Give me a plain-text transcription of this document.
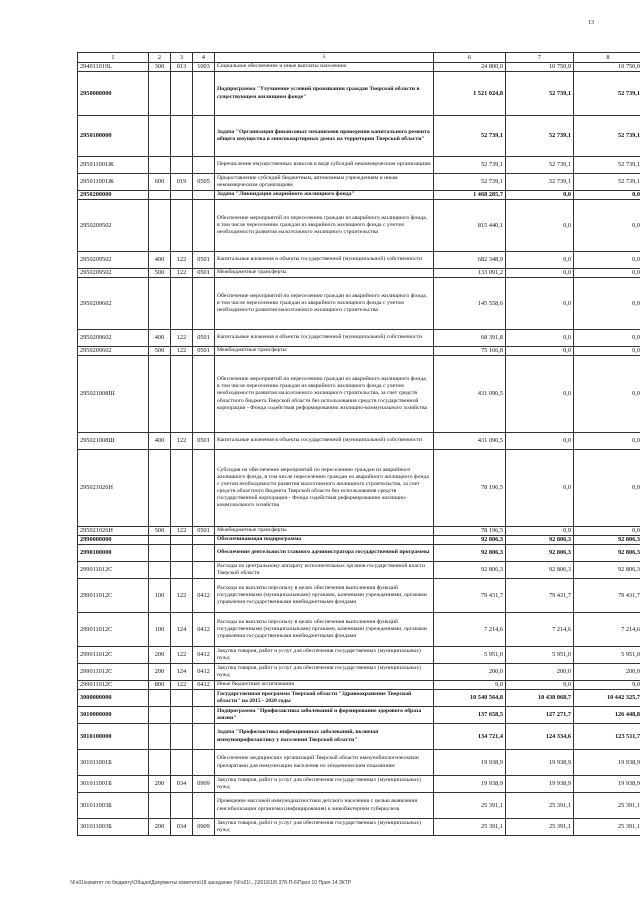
13
1	2	3	4	5	6	7	8
294011019L	300	013	1003	Социальное обеспечение и иные выплаты населению	24 800,0	10 750,0	10 750,0
2950000000				Подпрограмма "Улучшение условий проживания граждан Тверской области в существующем жилищном фонде"	1 521 024,8	52 739,1	52 739,1
2950100000				Задача "Организация финансовых механизмов проведения капитального ремонта общего имущества в многоквартирных домах на территории Тверской области"	52 739,1	52 739,1	52 739,1
295011001Ж				Перечисление имущественных взносов в виде субсидий некоммерческим организациям	52 739,1	52 739,1	52 739,1
295011001Ж	600	019	0505	Предоставление субсидий бюджетным, автономным учреждениям и иным некоммерческим организациям	52 739,1	52 739,1	52 739,1
2950200000				Задача "Ликвидация аварийного жилищного фонда"	1 468 285,7	0,0	0,0
2950209502				Обеспечение мероприятий по переселению граждан из аварийного жилищного фонда, в том числе переселению граждан из аварийного жилищного фонда с учетом необходимости развития малоэтажного жилищного строительства	815 440,1	0,0	0,0
2950209502	400	122	0501	Капитальные вложения в объекты государственной (муниципальной) собственности	682 348,9	0,0	0,0
2950209502	500	122	0501	Межбюджетные трансферты	133 091,2	0,0	0,0
2950209602				Обеспечение мероприятий по переселению граждан из аварийного жилищного фонда, в том числе переселению граждан из аварийного жилищного фонда с учетом необходимости развития малоэтажного жилищного строительства	145 558,6	0,0	0,0
2950209602	400	122	0501	Капитальные вложения в объекты государственной (муниципальной) собственности	68 391,8	0,0	0,0
2950209602	500	122	0501	Межбюджетные трансферты	75 166,8	0,0	0,0
295021008Ш				Обеспечение мероприятий по переселению граждан из аварийного жилищного фонда, в том числе переселению граждан из аварийного жилищного фонда с учетом необходимости развития малоэтажного жилищного строительства, за счет средств областного бюджета Тверской области без использования средств государственной корпорации - Фонда содействия реформированию жилищно-коммунального хозяйства	431 090,5	0,0	0,0
295021008Ш	400	122	0501	Капитальные вложения в объекты государственной (муниципальной) собственности	431 090,5	0,0	0,0
295021026Н				Субсидия на обеспечение мероприятий по переселению граждан из аварийного жилищного фонда, в том числе переселению граждан из аварийного жилищного фонда с учетом необходимости развития малоэтажного жилищного строительства, за счет средств областного бюджета Тверской области без использования средств государственной корпорации - Фонда содействия реформированию жилищно-коммунального хозяйства	78 196,5	0,0	0,0
295021026Н	500	122	0501	Межбюджетные трансферты	78 196,5	0,0	0,0
2990000000				Обеспечивающая подпрограмма	92 806,3	92 806,3	92 806,3
2990100000				Обеспечение деятельности главного администратора государственной программы	92 806,3	92 806,3	92 806,3
299011012С				Расходы по центральному аппарату исполнительных органов государственной власти Тверской области	92 806,3	92 806,3	92 806,3
299011012С	100	122	0412	Расходы на выплаты персоналу в целях обеспечения выполнения функций государственными (муниципальными) органами, казенными учреждениями, органами управления государственными внебюджетными фондами	79 431,7	79 431,7	79 431,7
299011012С	100	124	0412	Расходы на выплаты персоналу в целях обеспечения выполнения функций государственными (муниципальными) органами, казенными учреждениями, органами управления государственными внебюджетными фондами	7 214,6	7 214,6	7 214,6
299011012С	200	122	0412	Закупка товаров, работ и услуг для обеспечения государственных (муниципальных) нужд	5 951,0	5 951,0	5 951,0
299011012С	200	124	0412	Закупка товаров, работ и услуг для обеспечения государственных (муниципальных) нужд	200,0	200,0	200,0
299011012С	800	122	0412	Иные бюджетные ассигнования	9,0	9,0	9,0
3000000000				Государственная программа Тверской области "Здравоохранение Тверской области" на 2015 - 2020 годы	10 540 564,8	10 438 068,7	10 442 325,7
3010000000				Подпрограмма "Профилактика заболеваний и формирование здорового образа жизни"	137 658,5	127 271,7	126 448,8
3010100000				Задача "Профилактика инфекционных заболеваний, включая иммунопрофилактику у населения Тверской области"	134 721,4	124 334,6	123 511,7
301011001Б				Обеспечение медицинских организаций Тверской области иммунобиологическими препаратами для иммунизации населения по эпидемическим показаниям	19 938,9	19 938,9	19 938,9
301011001Б	200	034	0909	Закупка товаров, работ и услуг для обеспечения государственных (муниципальных) нужд	19 938,9	19 938,9	19 938,9
301011003Б				Проведение массовой иммунодиагностики детского населения с целью выявления сенсибилизации организма (инфицирования) к микобактериям туберкулеза	25 391,1	25 391,1	25 391,1
301011003Б	200	034	0909	Закупка товаров, работ и услуг для обеспечения государственных (муниципальных) нужд	25 391,1	25 391,1	25 391,1
\\Fs01\комитет по бюджету\Общая\Документы комитета\18 заседание (\\Fs01\...)\2016\18\ 378-П-6\Прил 10 Прил 14 ЗКТР
